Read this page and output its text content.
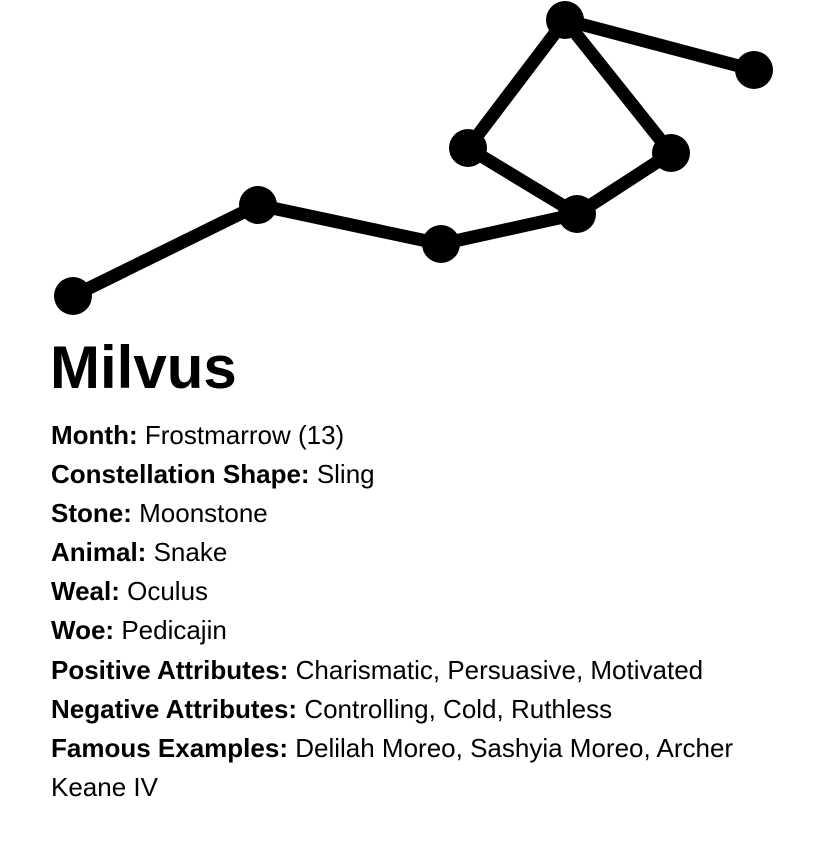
Milvus

Month: Frostmarrow (13)

Constellation Shape: Sling

Stone: Moonstone

Animal: Snake

Weal: Oculus

Woe: Pedicajin

Positive Attributes: Charismatic, Persuasive, Motivated

Negative Attributes: Controlling, Cold, Ruthless

Famous Examples: Delilah Moreo, Sashyia Moreo, Archer Keane IV
